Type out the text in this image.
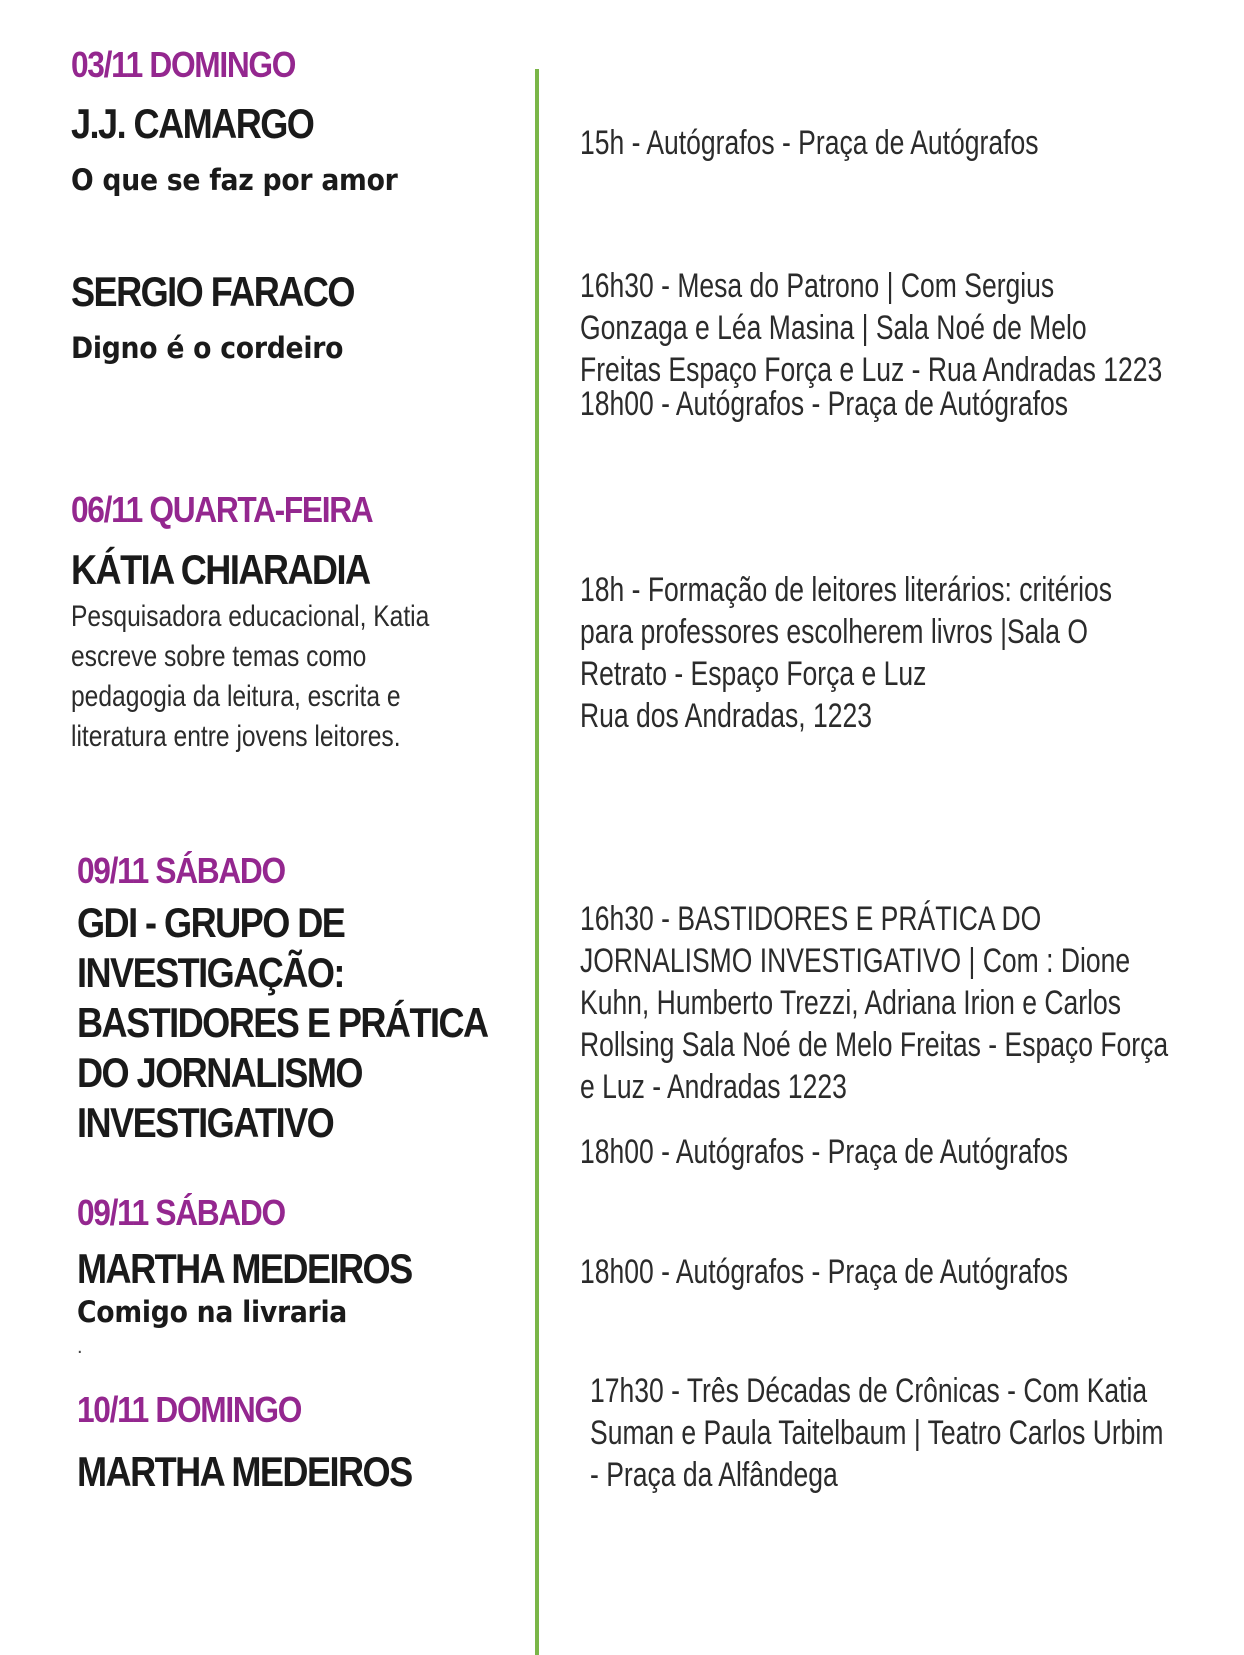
03/11 DOMINGO

J.J. CAMARGO

O que se faz por amor

15h - Autógrafos - Praça de Autógrafos

SERGIO FARACO

Digno é o cordeiro

16h30 - Mesa do Patrono | Com Sergius
Gonzaga e Léa Masina | Sala Noé de Melo
Freitas Espaço Força e Luz - Rua Andradas 1223

18h00 - Autógrafos - Praça de Autógrafos

06/11 QUARTA-FEIRA

KÁTIA CHIARADIA

Pesquisadora educacional, Katia
escreve sobre temas como
pedagogia da leitura, escrita e
literatura entre jovens leitores.
18h - Formação de leitores literários: critérios
para professores escolherem livros |Sala O
Retrato - Espaço Força e Luz
Rua dos Andradas, 1223

09/11 SÁBADO

GDI - GRUPO DE
INVESTIGAÇÃO:
BASTIDORES E PRÁTICA
DO JORNALISMO
INVESTIGATIVO
16h30 - BASTIDORES E PRÁTICA DO
JORNALISMO INVESTIGATIVO | Com : Dione
Kuhn, Humberto Trezzi, Adriana Irion e Carlos
Rollsing Sala Noé de Melo Freitas - Espaço Força
e Luz - Andradas 1223

18h00 - Autógrafos - Praça de Autógrafos

09/11 SÁBADO

MARTHA MEDEIROS

Comigo na livraria

.

18h00 - Autógrafos - Praça de Autógrafos

10/11 DOMINGO

MARTHA MEDEIROS

17h30 - Três Décadas de Crônicas - Com Katia
Suman e Paula Taitelbaum | Teatro Carlos Urbim
- Praça da Alfândega
